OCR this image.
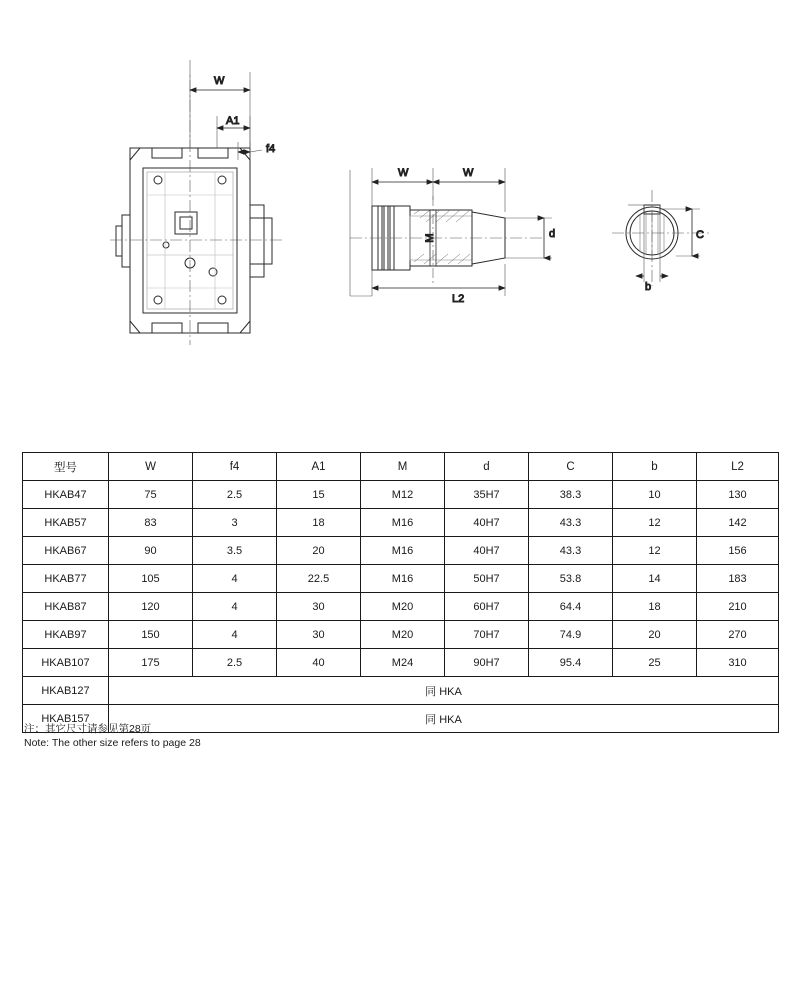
W
A1
f4
M
W	W
d
L2
C
b
型号	W	f4	A1	M	d	C	b	L2
HKAB47	75	2.5	15	M12	35H7	38.3	10	130
HKAB57	83	3	18	M16	40H7	43.3	12	142
HKAB67	90	3.5	20	M16	40H7	43.3	12	156
HKAB77	105	4	22.5	M16	50H7	53.8	14	183
HKAB87	120	4	30	M20	60H7	64.4	18	210
HKAB97	150	4	30	M20	70H7	74.9	20	270
HKAB107	175	2.5	40	M24	90H7	95.4	25	310
HKAB127	同 HKA							
HKAB157	同 HKA							
注：其它尺寸请参见第28页
Note: The other size refers to page 28
